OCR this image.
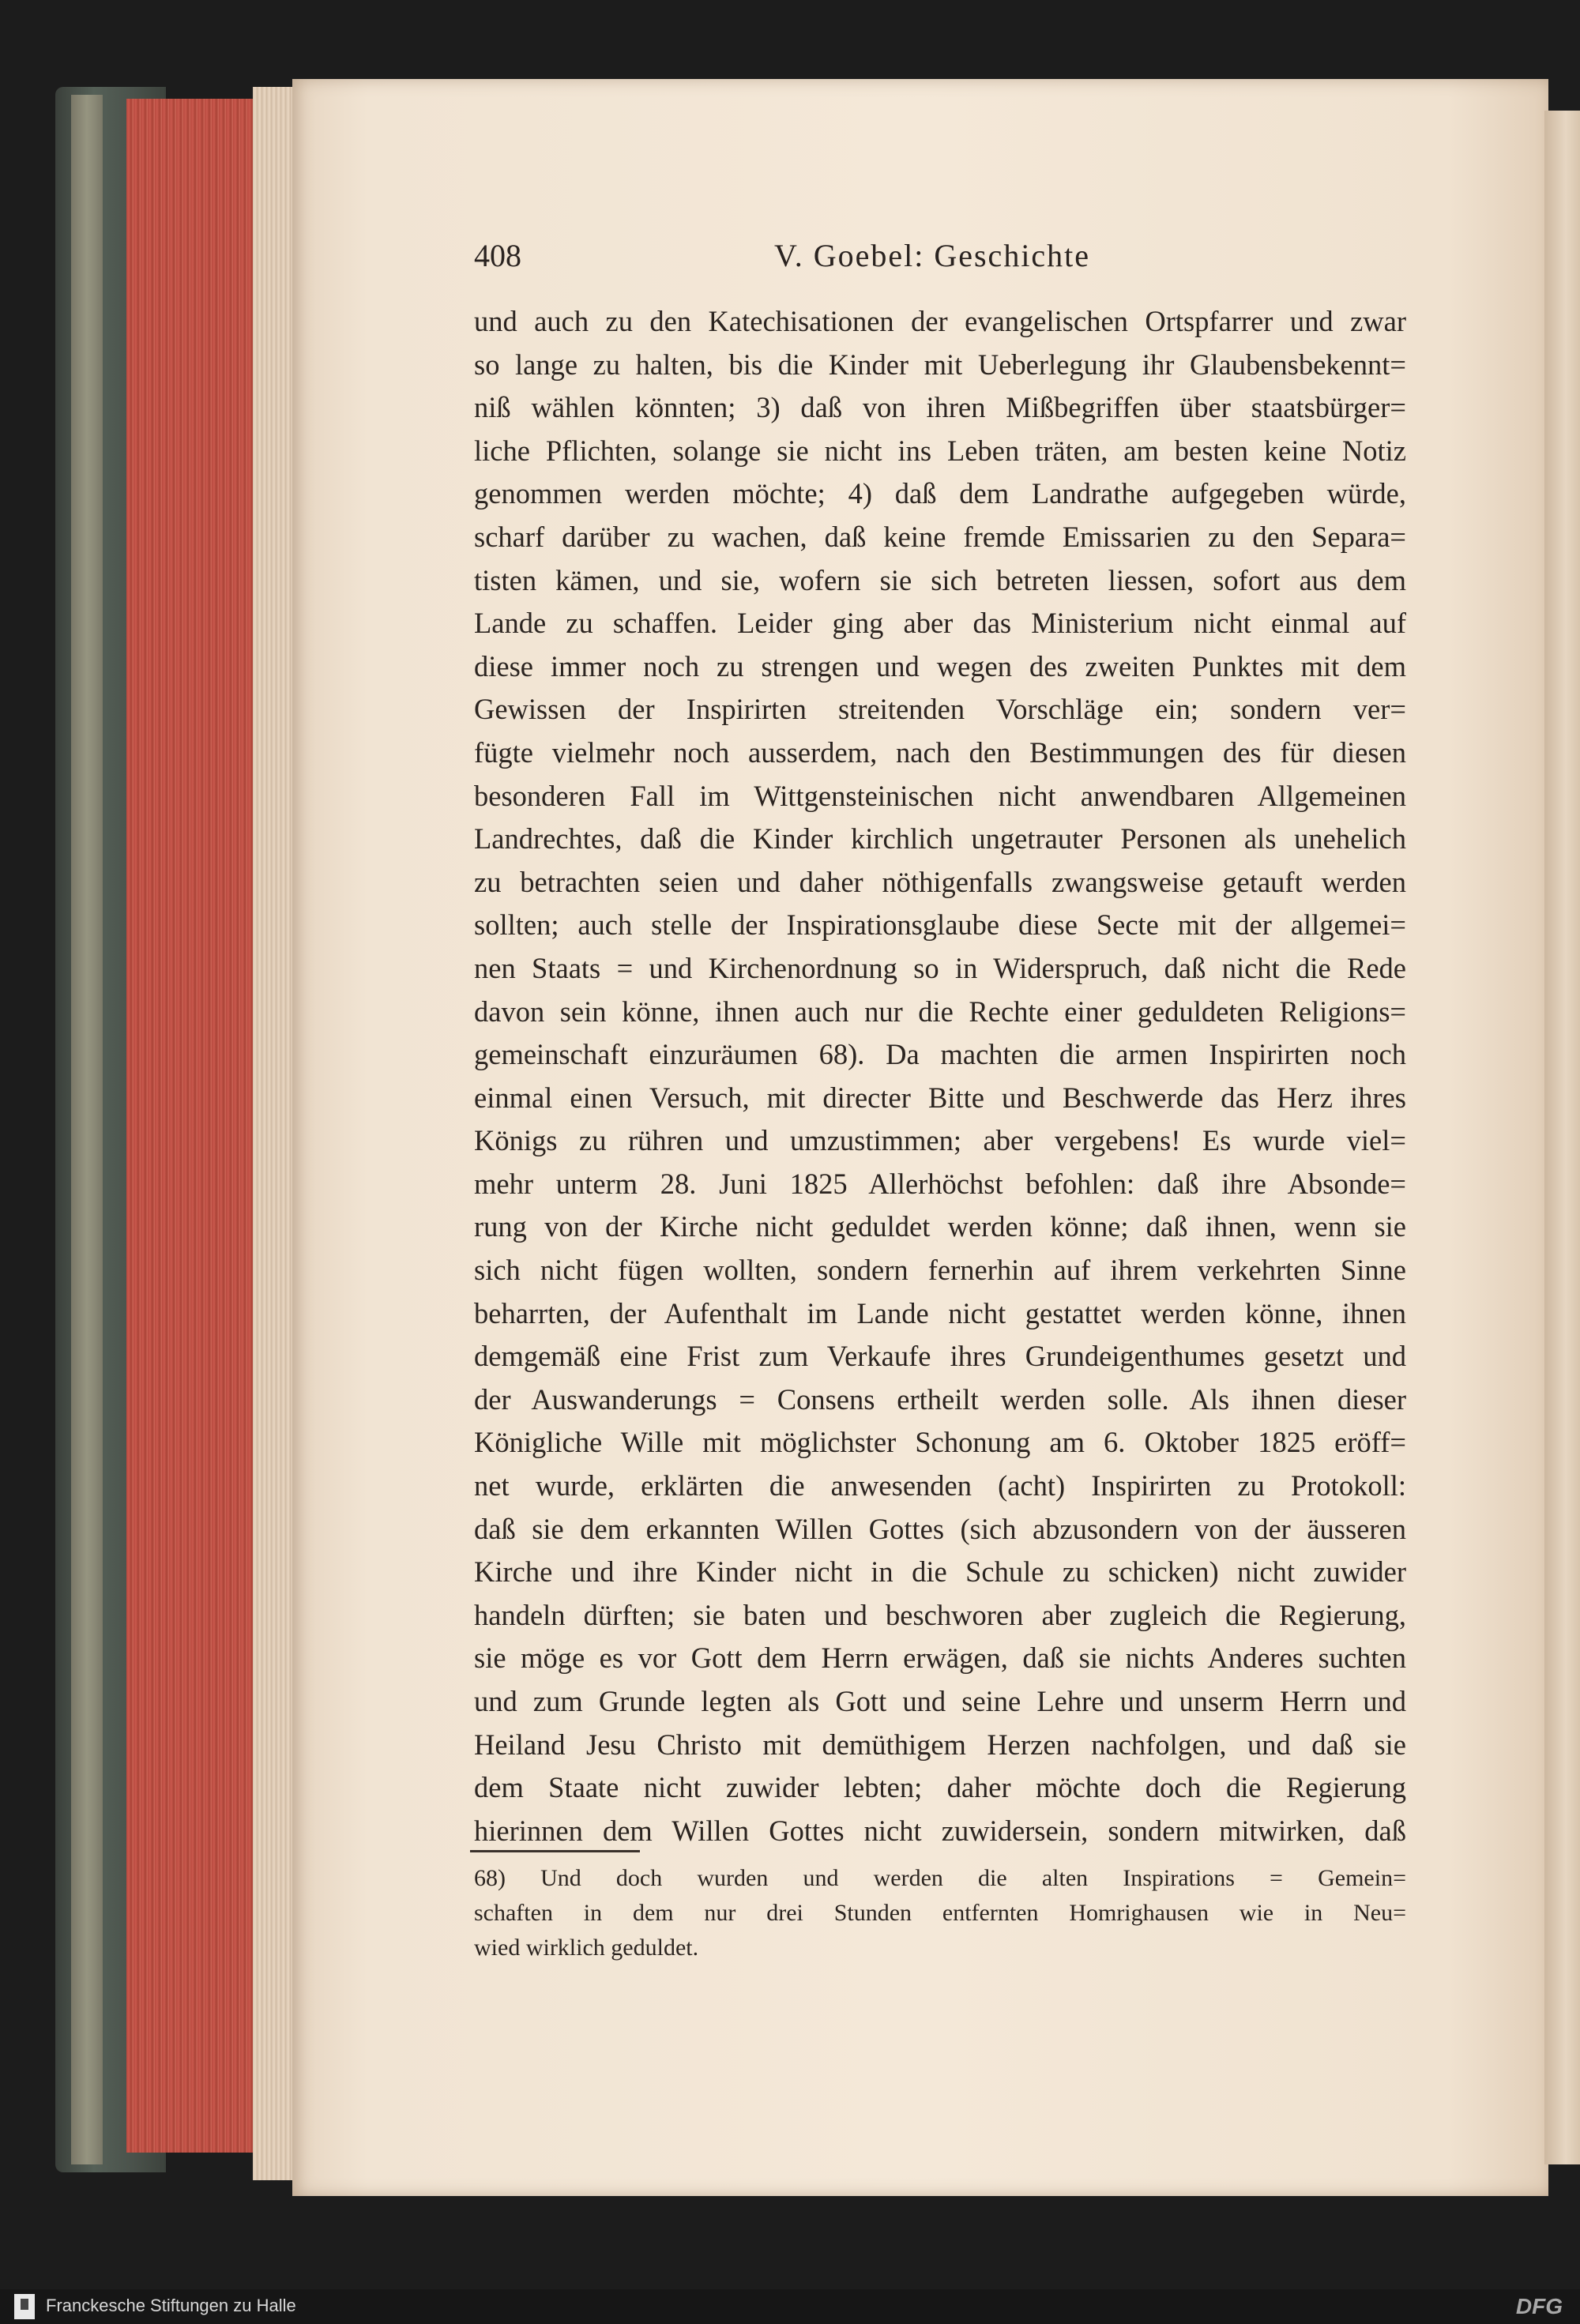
408	V. Goebel: Geschichte
und auch zu den Katechisationen der evangelischen Ortspfarrer und zwar
so lange zu halten, bis die Kinder mit Ueberlegung ihr Glaubensbekennt=
niß wählen könnten; 3) daß von ihren Mißbegriffen über staatsbürger=
liche Pflichten, solange sie nicht ins Leben träten, am besten keine Notiz
genommen werden möchte; 4) daß dem Landrathe aufgegeben würde,
scharf darüber zu wachen, daß keine fremde Emissarien zu den Separa=
tisten kämen, und sie, wofern sie sich betreten liessen, sofort aus dem
Lande zu schaffen. Leider ging aber das Ministerium nicht einmal auf
diese immer noch zu strengen und wegen des zweiten Punktes mit dem
Gewissen der Inspirirten streitenden Vorschläge ein; sondern ver=
fügte vielmehr noch ausserdem, nach den Bestimmungen des für diesen
besonderen Fall im Wittgensteinischen nicht anwendbaren Allgemeinen
Landrechtes, daß die Kinder kirchlich ungetrauter Personen als unehelich
zu betrachten seien und daher nöthigenfalls zwangsweise getauft werden
sollten; auch stelle der Inspirationsglaube diese Secte mit der allgemei=
nen Staats = und Kirchenordnung so in Widerspruch, daß nicht die Rede
davon sein könne, ihnen auch nur die Rechte einer geduldeten Religions=
gemeinschaft einzuräumen 68). Da machten die armen Inspirirten noch
einmal einen Versuch, mit directer Bitte und Beschwerde das Herz ihres
Königs zu rühren und umzustimmen; aber vergebens! Es wurde viel=
mehr unterm 28. Juni 1825 Allerhöchst befohlen: daß ihre Absonde=
rung von der Kirche nicht geduldet werden könne; daß ihnen, wenn sie
sich nicht fügen wollten, sondern fernerhin auf ihrem verkehrten Sinne
beharrten, der Aufenthalt im Lande nicht gestattet werden könne, ihnen
demgemäß eine Frist zum Verkaufe ihres Grundeigenthumes gesetzt und
der Auswanderungs = Consens ertheilt werden solle. Als ihnen dieser
Königliche Wille mit möglichster Schonung am 6. Oktober 1825 eröff=
net wurde, erklärten die anwesenden (acht) Inspirirten zu Protokoll:
daß sie dem erkannten Willen Gottes (sich abzusondern von der äusseren
Kirche und ihre Kinder nicht in die Schule zu schicken) nicht zuwider
handeln dürften; sie baten und beschworen aber zugleich die Regierung,
sie möge es vor Gott dem Herrn erwägen, daß sie nichts Anderes suchten
und zum Grunde legten als Gott und seine Lehre und unserm Herrn und
Heiland Jesu Christo mit demüthigem Herzen nachfolgen, und daß sie
dem Staate nicht zuwider lebten; daher möchte doch die Regierung
hierinnen dem Willen Gottes nicht zuwidersein, sondern mitwirken, daß
68) Und doch wurden und werden die alten Inspirations = Gemein=
schaften in dem nur drei Stunden entfernten Homrighausen wie in Neu=
wied wirklich geduldet.
Franckesche Stiftungen zu Halle	DFG
